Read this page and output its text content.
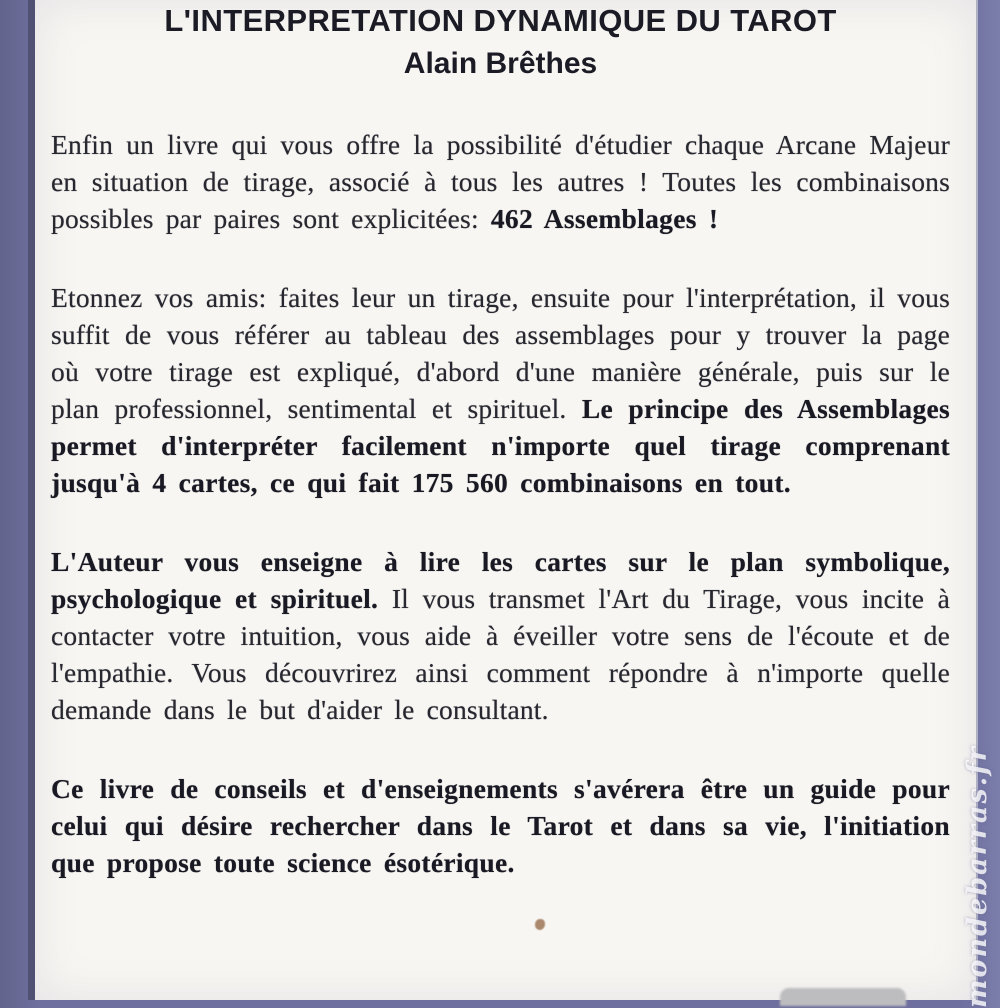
L'INTERPRETATION DYNAMIQUE DU TAROT
Alain Brêthes

Enfin un livre qui vous offre la possibilité d'étudier chaque Arcane Majeur en situation de tirage, associé à tous les autres ! Toutes les combinaisons possibles par paires sont explicitées: 462 Assemblages !

Etonnez vos amis: faites leur un tirage, ensuite pour l'interprétation, il vous suffit de vous référer au tableau des assemblages pour y trouver la page où votre tirage est expliqué, d'abord d'une manière générale, puis sur le plan professionnel, sentimental et spirituel. Le principe des Assemblages permet d'interpréter facilement n'importe quel tirage comprenant jusqu'à 4 cartes, ce qui fait 175 560 combinaisons en tout.

L'Auteur vous enseigne à lire les cartes sur le plan symbolique, psychologique et spirituel. Il vous transmet l'Art du Tirage, vous incite à contacter votre intuition, vous aide à éveiller votre sens de l'écoute et de l'empathie. Vous découvrirez ainsi comment répondre à n'importe quelle demande dans le but d'aider le consultant.

Ce livre de conseils et d'enseignements s'avérera être un guide pour celui qui désire rechercher dans le Tarot et dans sa vie, l'initiation que propose toute science ésotérique.	mondebarras.fr
